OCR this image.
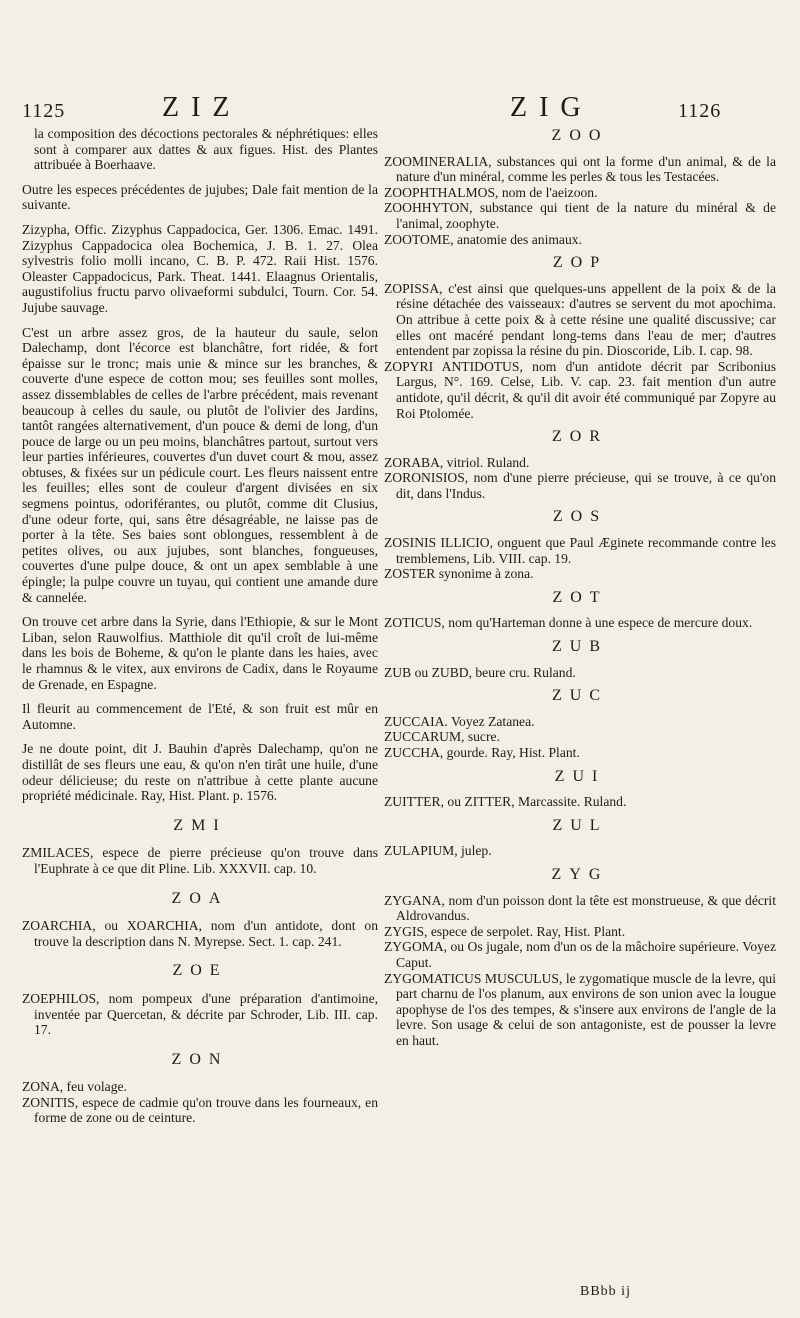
1125	ZIZ	ZIG	1126

la composition des décoctions pectorales & néphrétiques: elles sont à comparer aux dattes & aux figues. Hist. des Plantes attribuée à Boerhaave.

Outre les especes précédentes de jujubes; Dale fait mention de la suivante.

Zizypha, Offic. Zizyphus Cappadocica, Ger. 1306. Emac. 1491. Zizyphus Cappadocica olea Bochemica, J. B. 1. 27. Olea sylvestris folio molli incano, C. B. P. 472. Raii Hist. 1576. Oleaster Cappadocicus, Park. Theat. 1441. Elaagnus Orientalis, augustifolius fructu parvo olivaeformi subdulci, Tourn. Cor. 54. Jujube sauvage.

C'est un arbre assez gros, de la hauteur du saule, selon Dalechamp, dont l'écorce est blanchâtre, fort ridée, & fort épaisse sur le tronc; mais unie & mince sur les branches, & couverte d'une espece de cotton mou; ses feuilles sont molles, assez dissemblables de celles de l'arbre précédent, mais revenant beaucoup à celles du saule, ou plutôt de l'olivier des Jardins, tantôt rangées alternativement, d'un pouce & demi de long, d'un pouce de large ou un peu moins, blanchâtres partout, surtout vers leur parties inférieures, couvertes d'un duvet court & mou, assez obtuses, & fixées sur un pédicule court. Les fleurs naissent entre les feuilles; elles sont de couleur d'argent divisées en six segmens pointus, odoriférantes, ou plutôt, comme dit Clusius, d'une odeur forte, qui, sans être désagréable, ne laisse pas de porter à la tête. Ses baies sont oblongues, ressemblent à de petites olives, ou aux jujubes, sont blanches, fongueuses, couvertes d'une pulpe douce, & ont un apex semblable à une épingle; la pulpe couvre un tuyau, qui contient une amande dure & cannelée.

On trouve cet arbre dans la Syrie, dans l'Ethiopie, & sur le Mont Liban, selon Rauwolfius. Matthiole dit qu'il croît de lui-même dans les bois de Boheme, & qu'on le plante dans les haies, avec le rhamnus & le vitex, aux environs de Cadix, dans le Royaume de Grenade, en Espagne.

Il fleurit au commencement de l'Eté, & son fruit est mûr en Automne.

Je ne doute point, dit J. Bauhin d'après Dalechamp, qu'on ne distillât de ses fleurs une eau, & qu'on n'en tirât une huile, d'une odeur délicieuse; du reste on n'attribue à cette plante aucune propriété médicinale. Ray, Hist. Plant. p. 1576.

ZMI
ZMILACES, espece de pierre précieuse qu'on trouve dans l'Euphrate à ce que dit Pline. Lib. XXXVII. cap. 10.
ZOA
ZOARCHIA, ou XOARCHIA, nom d'un antidote, dont on trouve la description dans N. Myrepse. Sect. 1. cap. 241.
ZOE
ZOEPHILOS, nom pompeux d'une préparation d'antimoine, inventée par Quercetan, & décrite par Schroder, Lib. III. cap. 17.
ZON
ZONA, feu volage.
ZONITIS, espece de cadmie qu'on trouve dans les fourneaux, en forme de zone ou de ceinture.
ZOO
ZOOMINERALIA, substances qui ont la forme d'un animal, & de la nature d'un minéral, comme les perles & tous les Testacées.
ZOOPHTHALMOS, nom de l'aeizoon.
ZOOHHYTON, substance qui tient de la nature du minéral & de l'animal, zoophyte.
ZOOTOME, anatomie des animaux.
ZOP
ZOPISSA, c'est ainsi que quelques-uns appellent de la poix & de la résine détachée des vaisseaux: d'autres se servent du mot apochima. On attribue à cette poix & à cette résine une qualité discussive; car elles ont macéré pendant long-tems dans l'eau de mer; d'autres entendent par zopissa la résine du pin. Dioscoride, Lib. I. cap. 98.
ZOPYRI ANTIDOTUS, nom d'un antidote décrit par Scribonius Largus, N°. 169. Celse, Lib. V. cap. 23. fait mention d'un autre antidote, qu'il décrit, & qu'il dit avoir été communiqué par Zopyre au Roi Ptolomée.
ZOR
ZORABA, vitriol. Ruland.
ZORONISIOS, nom d'une pierre précieuse, qui se trouve, à ce qu'on dit, dans l'Indus.
ZOS
ZOSINIS ILLICIO, onguent que Paul Æginete recommande contre les tremblemens, Lib. VIII. cap. 19.
ZOSTER synonime à zona.
ZOT
ZOTICUS, nom qu'Harteman donne à une espece de mercure doux.
ZUB
ZUB ou ZUBD, beure cru. Ruland.
ZUC
ZUCCAIA. Voyez Zatanea.
ZUCCARUM, sucre.
ZUCCHA, gourde. Ray, Hist. Plant.
ZUI
ZUITTER, ou ZITTER, Marcassite. Ruland.
ZUL
ZULAPIUM, julep.
ZYG
ZYGANA, nom d'un poisson dont la tête est monstrueuse, & que décrit Aldrovandus.
ZYGIS, espece de serpolet. Ray, Hist. Plant.
ZYGOMA, ou Os jugale, nom d'un os de la mâchoire supérieure. Voyez Caput.
ZYGOMATICUS MUSCULUS, le zygomatique muscle de la levre, qui part charnu de l'os planum, aux environs de son union avec la lougue apophyse de l'os des tempes, & s'insere aux environs de l'angle de la levre. Son usage & celui de son antagoniste, est de pousser la levre en haut.
BBbb ij
